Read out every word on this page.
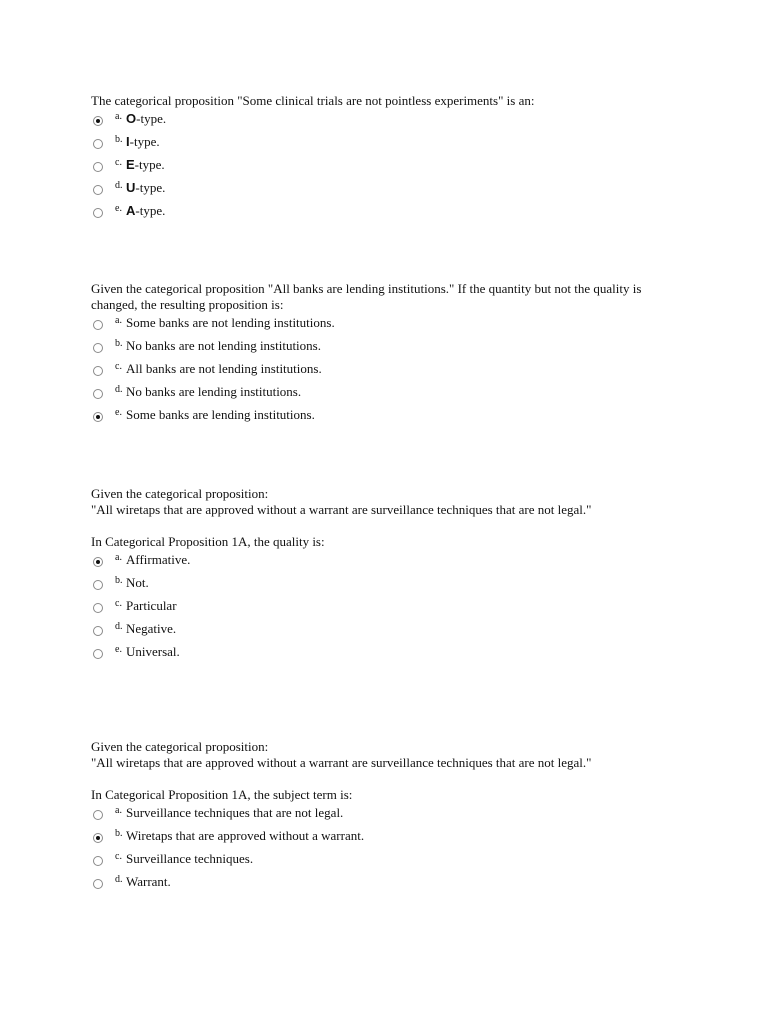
The categorical proposition "Some clinical trials are not pointless experiments" is an:
a. O-type.
b. I-type.
c. E-type.
d. U-type.
e. A-type.
Given the categorical proposition "All banks are lending institutions." If the quantity but not the quality is
changed, the resulting proposition is:
a. Some banks are not lending institutions.
b. No banks are not lending institutions.
c. All banks are not lending institutions.
d. No banks are lending institutions.
e. Some banks are lending institutions.
Given the categorical proposition:
"All wiretaps that are approved without a warrant are surveillance techniques that are not legal."
In Categorical Proposition 1A, the quality is:
a. Affirmative.
b. Not.
c. Particular
d. Negative.
e. Universal.
Given the categorical proposition:
"All wiretaps that are approved without a warrant are surveillance techniques that are not legal."
In Categorical Proposition 1A, the subject term is:
a. Surveillance techniques that are not legal.
b. Wiretaps that are approved without a warrant.
c. Surveillance techniques.
d. Warrant.
